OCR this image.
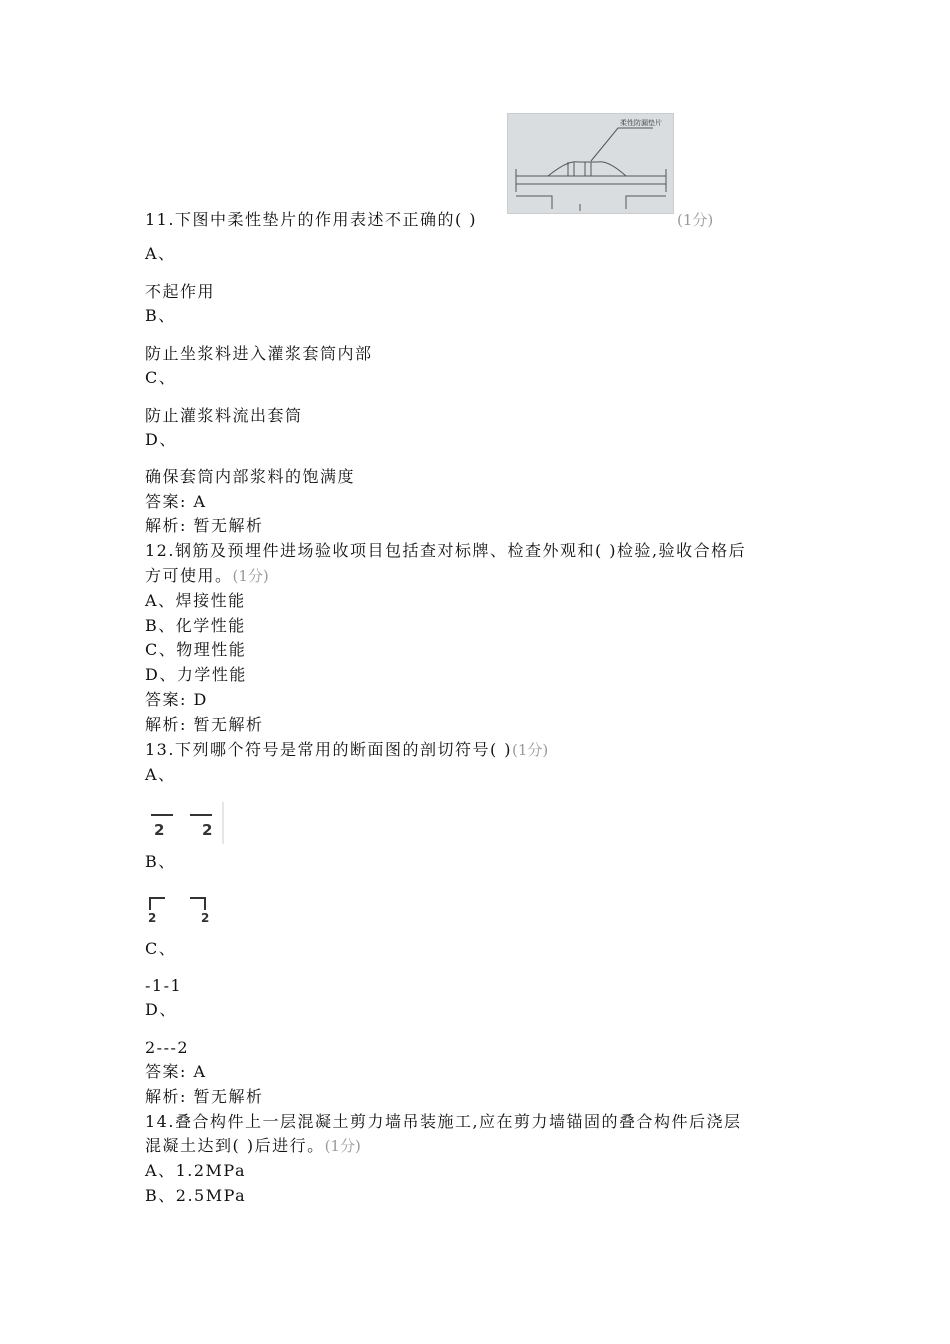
柔性防漏垫片
11.下图中柔性垫片的作用表述不正确的( )	(1分)
A、
不起作用
B、
防止坐浆料进入灌浆套筒内部
C、
防止灌浆料流出套筒
D、
确保套筒内部浆料的饱满度
答案: A
解析: 暂无解析
12.钢筋及预埋件进场验收项目包括查对标牌、检查外观和( )检验,验收合格后
方可使用。(1分)
A、焊接性能
B、化学性能
C、物理性能
D、力学性能
答案: D
解析: 暂无解析
13.下列哪个符号是常用的断面图的剖切符号( )(1分)
A、
2	2
B、
2	2
C、
-1-1
D、
2---2
答案: A
解析: 暂无解析
14.叠合构件上一层混凝土剪力墙吊装施工,应在剪力墙锚固的叠合构件后浇层
混凝土达到( )后进行。(1分)
A、1.2MPa
B、2.5MPa
